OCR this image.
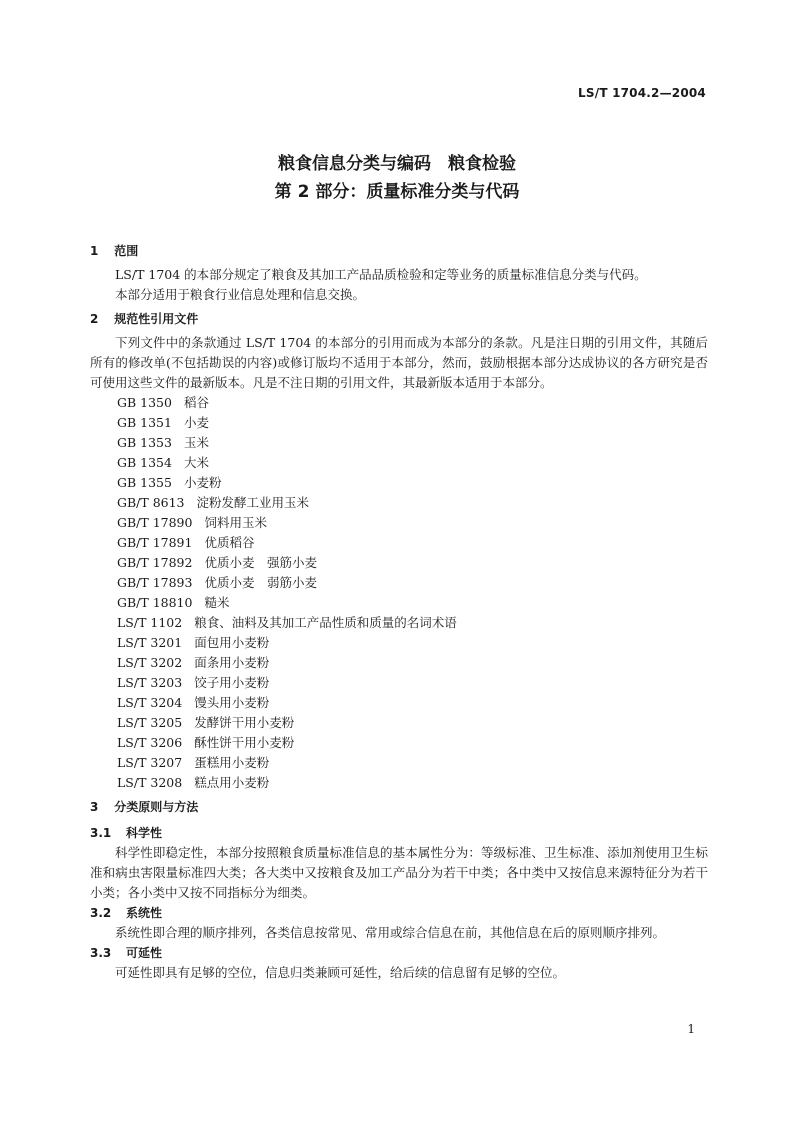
LS/T 1704.2—2004
粮食信息分类与编码　粮食检验
第 2 部分：质量标准分类与代码
1 范围

LS/T 1704 的本部分规定了粮食及其加工产品品质检验和定等业务的质量标准信息分类与代码。

本部分适用于粮食行业信息处理和信息交换。

2 规范性引用文件

下列文件中的条款通过 LS/T 1704 的本部分的引用而成为本部分的条款。凡是注日期的引用文件，其随后所有的修改单(不包括勘误的内容)或修订版均不适用于本部分，然而，鼓励根据本部分达成协议的各方研究是否可使用这些文件的最新版本。凡是不注日期的引用文件，其最新版本适用于本部分。

GB 1350 稻谷
GB 1351 小麦
GB 1353 玉米
GB 1354 大米
GB 1355 小麦粉
GB/T 8613 淀粉发酵工业用玉米
GB/T 17890 饲料用玉米
GB/T 17891 优质稻谷
GB/T 17892 优质小麦　强筋小麦
GB/T 17893 优质小麦　弱筋小麦
GB/T 18810 糙米
LS/T 1102 粮食、油料及其加工产品性质和质量的名词术语
LS/T 3201 面包用小麦粉
LS/T 3202 面条用小麦粉
LS/T 3203 饺子用小麦粉
LS/T 3204 馒头用小麦粉
LS/T 3205 发酵饼干用小麦粉
LS/T 3206 酥性饼干用小麦粉
LS/T 3207 蛋糕用小麦粉
LS/T 3208 糕点用小麦粉
3 分类原则与方法
3.1 科学性

科学性即稳定性，本部分按照粮食质量标准信息的基本属性分为：等级标准、卫生标准、添加剂使用卫生标准和病虫害限量标准四大类；各大类中又按粮食及加工产品分为若干中类；各中类中又按信息来源特征分为若干小类；各小类中又按不同指标分为细类。

3.2 系统性

系统性即合理的顺序排列，各类信息按常见、常用或综合信息在前，其他信息在后的原则顺序排列。

3.3 可延性

可延性即具有足够的空位，信息归类兼顾可延性，给后续的信息留有足够的空位。

1
